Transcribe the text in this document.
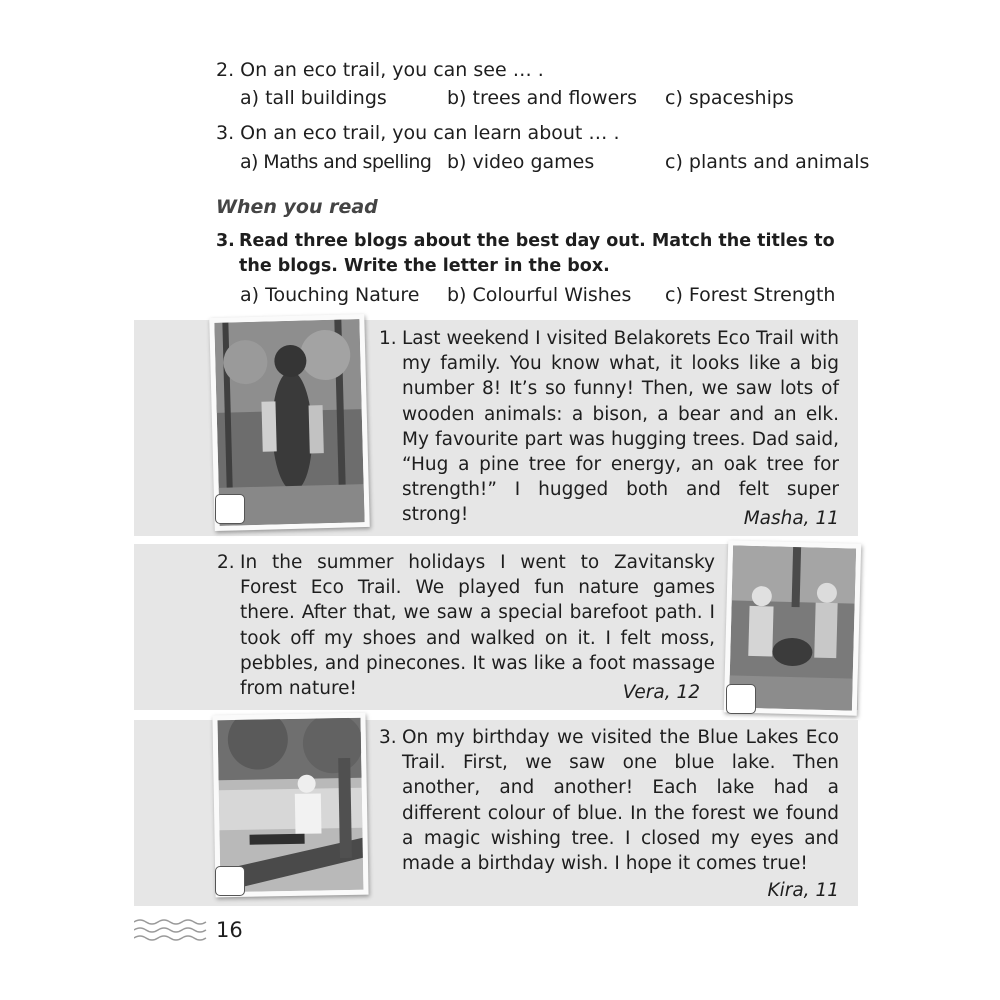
2. On an eco trail, you can see … .
a) tall buildings	b) trees and flowers c) spaceships
3. On an eco trail, you can learn about … .
a) Maths and spelling b) video games	c) plants and animals
When you read
3. Read three blogs about the best day out. Match the titles to the blogs. Write the letter in the box.
a) Touching Nature b) Colourful Wishes c) Forest Strength
1. Last weekend I visited Belakorets Eco Trail with my family. You know what, it looks like a big number 8! It’s so funny! Then, we saw lots of wooden animals: a bison, a bear and an elk. My favourite part was hugging trees. Dad said, “Hug a pine tree for energy, an oak tree for strength!” I hugged both and felt super strong!	Masha, 11
2. In the summer holidays I went to Zavitansky Forest Eco Trail. We played fun nature games there. After that, we saw a special barefoot path. I took off my shoes and walked on it. I felt moss, pebbles, and pinecones. It was like a foot massage from nature!	Vera, 12
3. On my birthday we visited the Blue Lakes Eco Trail. First, we saw one blue lake. Then another, and another! Each lake had a different colour of blue. In the forest we found a magic wishing tree. I closed my eyes and made a birthday wish. I hope it comes true!
Kira, 11
16
